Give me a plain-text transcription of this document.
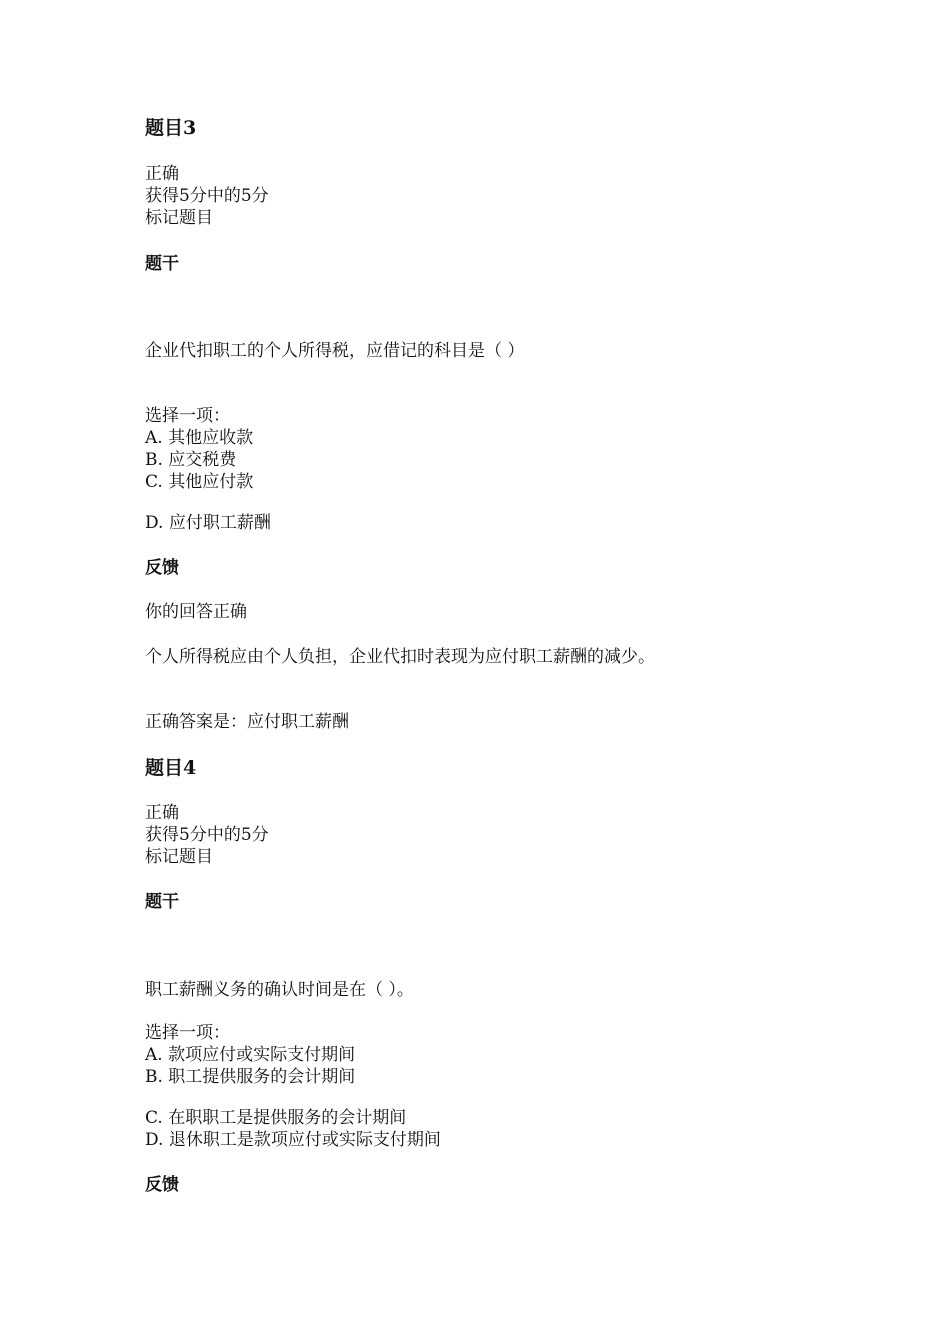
题目3
正确
获得5分中的5分
标记题目
题干
企业代扣职工的个人所得税，应借记的科目是（ ）
选择一项：
A. 其他应收款
B. 应交税费
C. 其他应付款
D. 应付职工薪酬
反馈
你的回答正确
个人所得税应由个人负担，企业代扣时表现为应付职工薪酬的减少。
正确答案是：应付职工薪酬
题目4
正确
获得5分中的5分
标记题目
题干
职工薪酬义务的确认时间是在（ ）。
选择一项：
A. 款项应付或实际支付期间
B. 职工提供服务的会计期间
C. 在职职工是提供服务的会计期间
D. 退休职工是款项应付或实际支付期间
反馈
